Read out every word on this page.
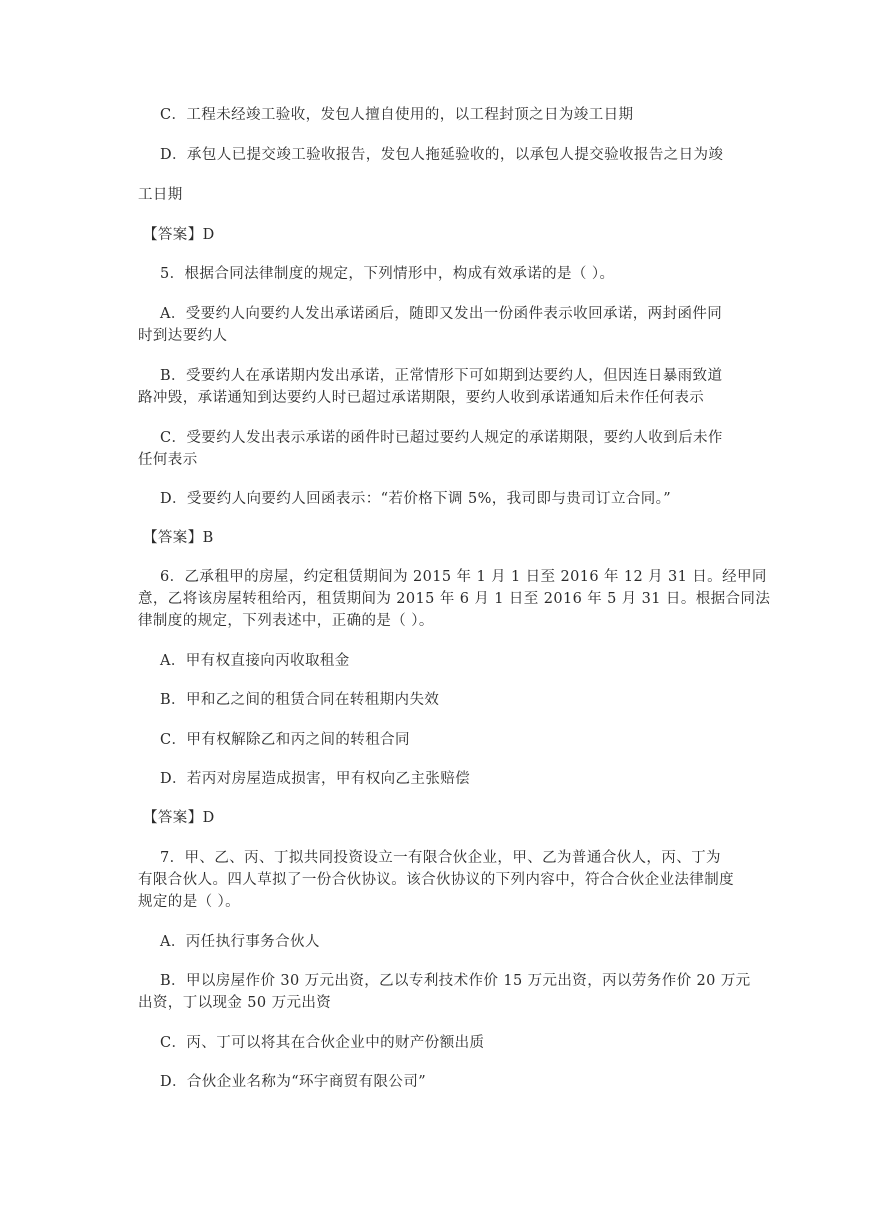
C．工程未经竣工验收，发包人擅自使用的，以工程封顶之日为竣工日期
D．承包人已提交竣工验收报告，发包人拖延验收的，以承包人提交验收报告之日为竣
工日期
【答案】D
5．根据合同法律制度的规定，下列情形中，构成有效承诺的是（ ）。
A．受要约人向要约人发出承诺函后，随即又发出一份函件表示收回承诺，两封函件同
时到达要约人
B．受要约人在承诺期内发出承诺，正常情形下可如期到达要约人，但因连日暴雨致道
路冲毁，承诺通知到达要约人时已超过承诺期限，要约人收到承诺通知后未作任何表示
C．受要约人发出表示承诺的函件时已超过要约人规定的承诺期限，要约人收到后未作
任何表示
D．受要约人向要约人回函表示：“若价格下调 5%，我司即与贵司订立合同。”
【答案】B
6．乙承租甲的房屋，约定租赁期间为 2015 年 1 月 1 日至 2016 年 12 月 31 日。经甲同
意，乙将该房屋转租给丙，租赁期间为 2015 年 6 月 1 日至 2016 年 5 月 31 日。根据合同法
律制度的规定，下列表述中，正确的是（ ）。
A．甲有权直接向丙收取租金
B．甲和乙之间的租赁合同在转租期内失效
C．甲有权解除乙和丙之间的转租合同
D．若丙对房屋造成损害，甲有权向乙主张赔偿
【答案】D
7．甲、乙、丙、丁拟共同投资设立一有限合伙企业，甲、乙为普通合伙人，丙、丁为
有限合伙人。四人草拟了一份合伙协议。该合伙协议的下列内容中，符合合伙企业法律制度
规定的是（ ）。
A．丙任执行事务合伙人
B．甲以房屋作价 30 万元出资，乙以专利技术作价 15 万元出资，丙以劳务作价 20 万元
出资，丁以现金 50 万元出资
C．丙、丁可以将其在合伙企业中的财产份额出质
D．合伙企业名称为“环宇商贸有限公司”
